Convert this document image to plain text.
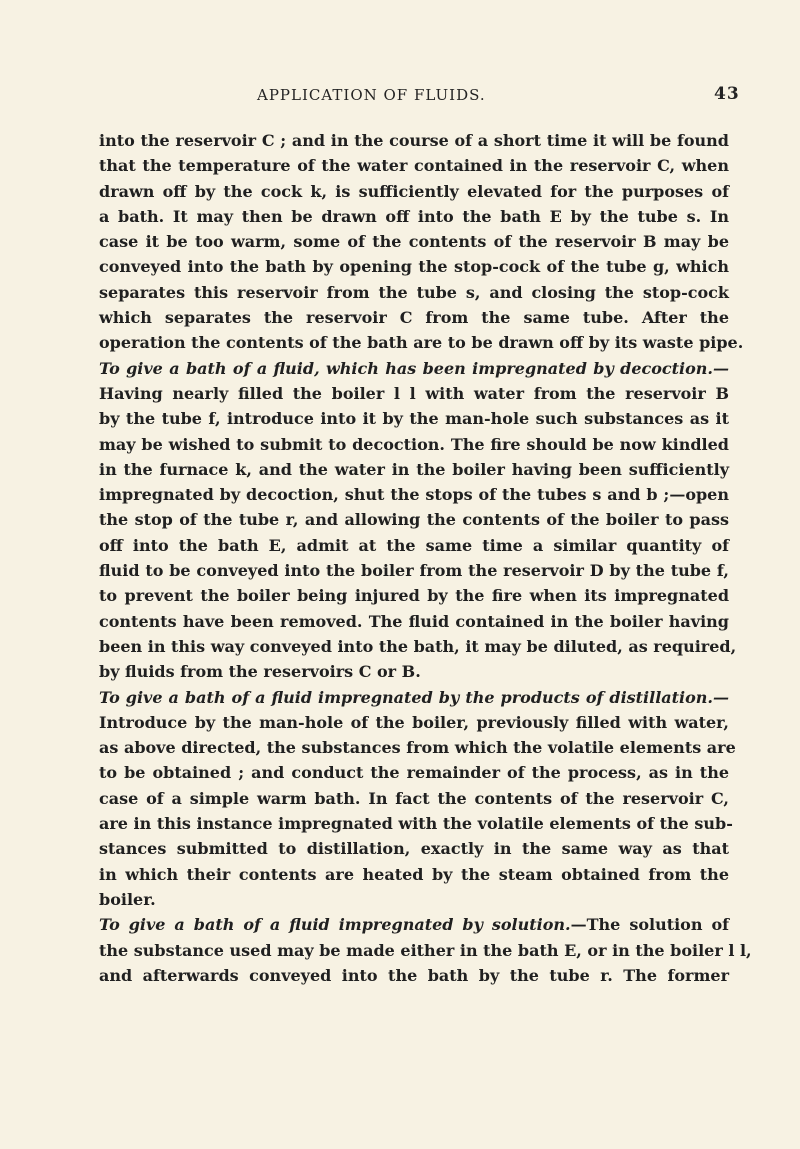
APPLICATION OF FLUIDS.	43

into the reservoir C ; and in the course of a short time it will be found
that the temperature of the water contained in the reservoir C, when
drawn off by the cock k, is sufficiently elevated for the purposes of
a bath. It may then be drawn off into the bath E by the tube s. In
case it be too warm, some of the contents of the reservoir B may be
conveyed into the bath by opening the stop-cock of the tube g, which
separates this reservoir from the tube s, and closing the stop-cock
which separates the reservoir C from the same tube. After the
operation the contents of the bath are to be drawn off by its waste pipe.

To give a bath of a fluid, which has been impregnated by decoction.—
Having nearly filled the boiler l l with water from the reservoir B
by the tube f, introduce into it by the man-hole such substances as it
may be wished to submit to decoction. The fire should be now kindled
in the furnace k, and the water in the boiler having been sufficiently
impregnated by decoction, shut the stops of the tubes s and b ;—open
the stop of the tube r, and allowing the contents of the boiler to pass
off into the bath E, admit at the same time a similar quantity of
fluid to be conveyed into the boiler from the reservoir D by the tube f,
to prevent the boiler being injured by the fire when its impregnated
contents have been removed. The fluid contained in the boiler having
been in this way conveyed into the bath, it may be diluted, as required,
by fluids from the reservoirs C or B.

To give a bath of a fluid impregnated by the products of distillation.—
Introduce by the man-hole of the boiler, previously filled with water,
as above directed, the substances from which the volatile elements are
to be obtained ; and conduct the remainder of the process, as in the
case of a simple warm bath. In fact the contents of the reservoir C,
are in this instance impregnated with the volatile elements of the sub-
stances submitted to distillation, exactly in the same way as that
in which their contents are heated by the steam obtained from the
boiler.

To give a bath of a fluid impregnated by solution.—The solution of
the substance used may be made either in the bath E, or in the boiler l l,
and afterwards conveyed into the bath by the tube r. The former
